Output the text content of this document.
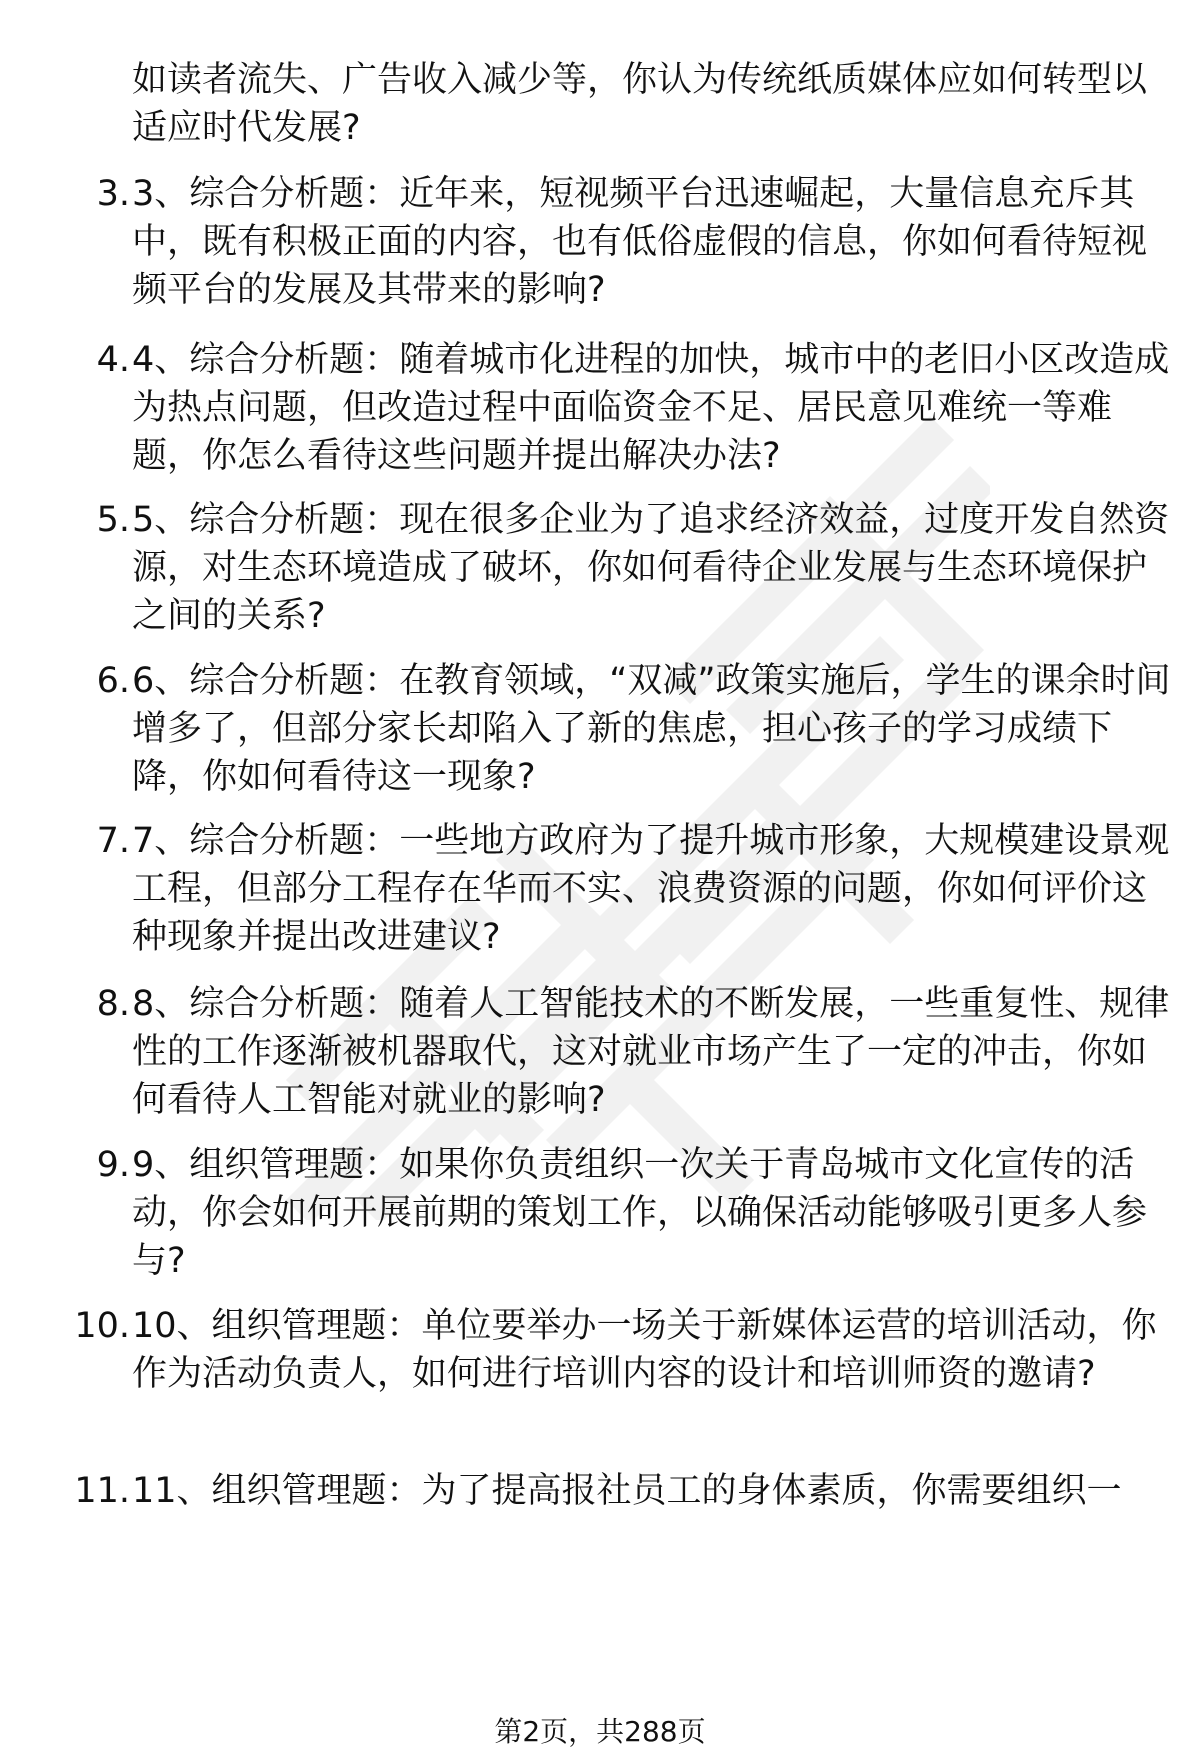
如读者流失、广告收入减少等，你认为传统纸质媒体应如何转型以适应时代发展?

3. 3、综合分析题：近年来，短视频平台迅速崛起，大量信息充斥其中，既有积极正面的内容，也有低俗虚假的信息，你如何看待短视频平台的发展及其带来的影响?

4. 4、综合分析题：随着城市化进程的加快，城市中的老旧小区改造成为热点问题，但改造过程中面临资金不足、居民意见难统一等难题，你怎么看待这些问题并提出解决办法?

5. 5、综合分析题：现在很多企业为了追求经济效益，过度开发自然资源，对生态环境造成了破坏，你如何看待企业发展与生态环境保护之间的关系?

6. 6、综合分析题：在教育领域，“双减”政策实施后，学生的课余时间增多了，但部分家长却陷入了新的焦虑，担心孩子的学习成绩下降，你如何看待这一现象?

7. 7、综合分析题：一些地方政府为了提升城市形象，大规模建设景观工程，但部分工程存在华而不实、浪费资源的问题，你如何评价这种现象并提出改进建议?

8. 8、综合分析题：随着人工智能技术的不断发展，一些重复性、规律性的工作逐渐被机器取代，这对就业市场产生了一定的冲击，你如何看待人工智能对就业的影响?

9. 9、组织管理题：如果你负责组织一次关于青岛城市文化宣传的活动，你会如何开展前期的策划工作，以确保活动能够吸引更多人参与?

10. 10、组织管理题：单位要举办一场关于新媒体运营的培训活动，你作为活动负责人，如何进行培训内容的设计和培训师资的邀请?

11. 11、组织管理题：为了提高报社员工的身体素质，你需要组织一

第2页，共288页
